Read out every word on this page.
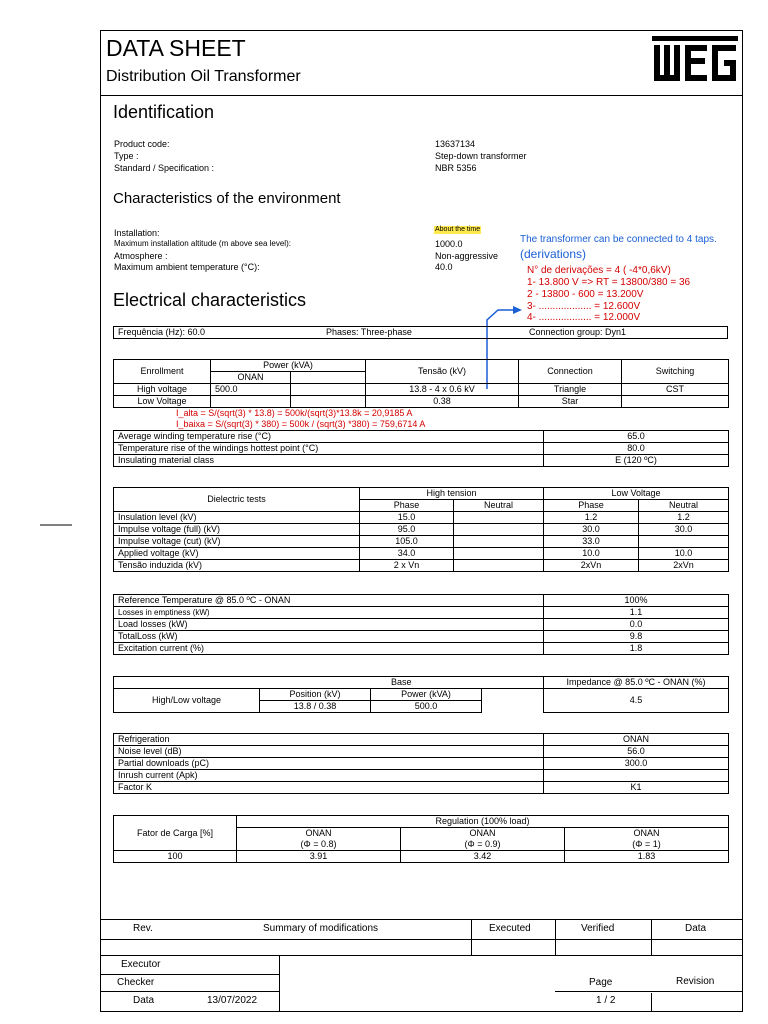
DATA SHEET
Distribution Oil Transformer
Identification
Product code:	13637134
Type :	Step-down transformer
Standard / Specification :	NBR 5356
Characteristics of the environment
Installation:	About the time
Maximum installation altitude (m above sea level):	1000.0
Atmosphere :	Non-aggressive
Maximum ambient temperature (°C):	40.0
The transformer can be connected to 4 taps.
(derivations)
N° de derivações = 4 ( -4*0,6kV)
1- 13.800 V => RT = 13800/380 = 36
2 - 13800 - 600 = 13.200V
3- ................... = 12.600V
4- ................... = 12.000V
Electrical characteristics
Frequência (Hz): 60.0	Phases: Three-phase	Connection group: Dyn1
Enrollment	Power (kVA)		Tensão (kV)	Connection	Switching
	ONAN				
High voltage	500.0		13.8 - 4 x 0.6 kV	Triangle	CST
Low Voltage			0.38	Star	
I_alta = S/(sqrt(3) * 13.8) = 500k/(sqrt(3)*13.8k = 20,9185 A
I_baixa = S/(sqrt(3) * 380) = 500k / (sqrt(3) *380) = 759,6714 A
Average winding temperature rise (°C)	65.0
Temperature rise of the windings hottest point (°C)	80.0
Insulating material class	E (120 ºC)
Dielectric tests	High tension		Low Voltage	
	Phase	Neutral	Phase	Neutral
Insulation level (kV)	15.0		1.2	1.2
Impulse voltage (full) (kV)	95.0		30.0	30.0
Impulse voltage (cut) (kV)	105.0		33.0	
Applied voltage (kV)	34.0		10.0	10.0
Tensão induzida (kV)	2 x Vn		2xVn	2xVn
Reference Temperature @ 85.0 ºC - ONAN	100%
Losses in emptiness (kW)	1.1
Load losses (kW)	0.0
TotalLoss (kW)	9.8
Excitation current (%)	1.8
	Base			Impedance @ 85.0 ºC - ONAN (%)
High/Low voltage	Position (kV)	Power (kVA)		4.5
	13.8 / 0.38	500.0		
Refrigeration	ONAN
Noise level (dB)	56.0
Partial downloads (pC)	300.0
Inrush current (Apk)	
Factor K	K1
Fator de Carga [%]	Regulation (100% load)		
	ONAN	ONAN	ONAN
	(Φ = 0.8)	(Φ = 0.9)	(Φ = 1)
100	3.91	3.42	1.83
Rev.	Summary of modifications	Executed	Verified	Data
Executor
Checker
Data	13/07/2022
Page	Revision
1 / 2
